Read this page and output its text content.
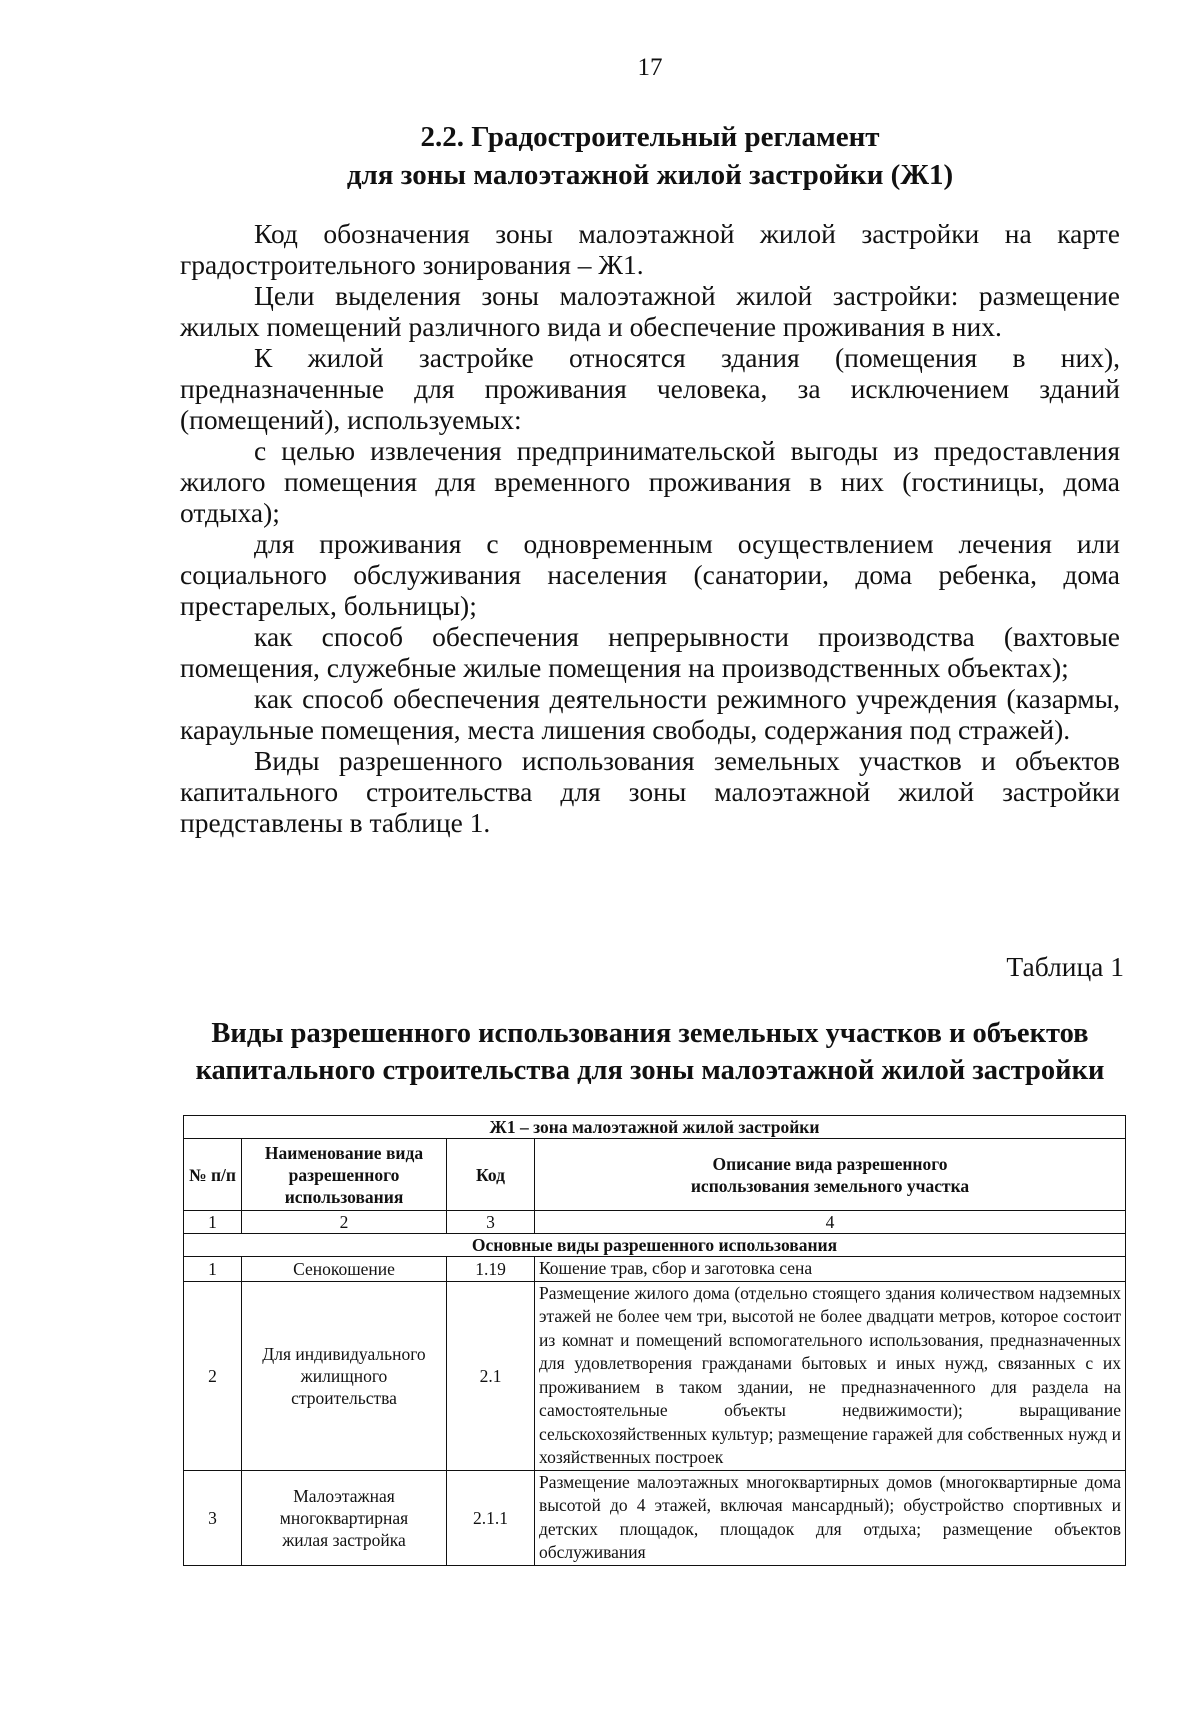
17
2.2. Градостроительный регламент
для зоны малоэтажной жилой застройки (Ж1)

Код обозначения зоны малоэтажной жилой застройки на карте градостроительного зонирования – Ж1.

Цели выделения зоны малоэтажной жилой застройки: размещение жилых помещений различного вида и обеспечение проживания в них.

К жилой застройке относятся здания (помещения в них), предназначенные для проживания человека, за исключением зданий (помещений), используемых:

с целью извлечения предпринимательской выгоды из предоставления жилого помещения для временного проживания в них (гостиницы, дома отдыха);

для проживания с одновременным осуществлением лечения или социального обслуживания населения (санатории, дома ребенка, дома престарелых, больницы);

как способ обеспечения непрерывности производства (вахтовые помещения, служебные жилые помещения на производственных объектах);

как способ обеспечения деятельности режимного учреждения (казармы, караульные помещения, места лишения свободы, содержания под стражей).

Виды разрешенного использования земельных участков и объектов капитального строительства для зоны малоэтажной жилой застройки представлены в таблице 1.

Таблица 1
Виды разрешенного использования земельных участков и объектов
капитального строительства для зоны малоэтажной жилой застройки
Ж1 – зона малоэтажной жилой застройки			
№ п/п	Наименование вида разрешенного использования	Код	Описание вида разрешенного использования земельного участка
1	2	3	4
Основные виды разрешенного использования			
1	Сенокошение	1.19	Кошение трав, сбор и заготовка сена
2	Для индивидуального жилищного строительства	2.1	Размещение жилого дома (отдельно стоящего здания количеством надземных этажей не более чем три, высотой не более двадцати метров, которое состоит из комнат и помещений вспомогательного использования, предназначенных для удовлетворения гражданами бытовых и иных нужд, связанных с их проживанием в таком здании, не предназначенного для раздела на самостоятельные объекты недвижимости); выращивание сельскохозяйственных культур; размещение гаражей для собственных нужд и хозяйственных построек
3	Малоэтажная многоквартирная жилая застройка	2.1.1	Размещение малоэтажных многоквартирных домов (многоквартирные дома высотой до 4 этажей, включая мансардный); обустройство спортивных и детских площадок, площадок для отдыха; размещение объектов обслуживания
